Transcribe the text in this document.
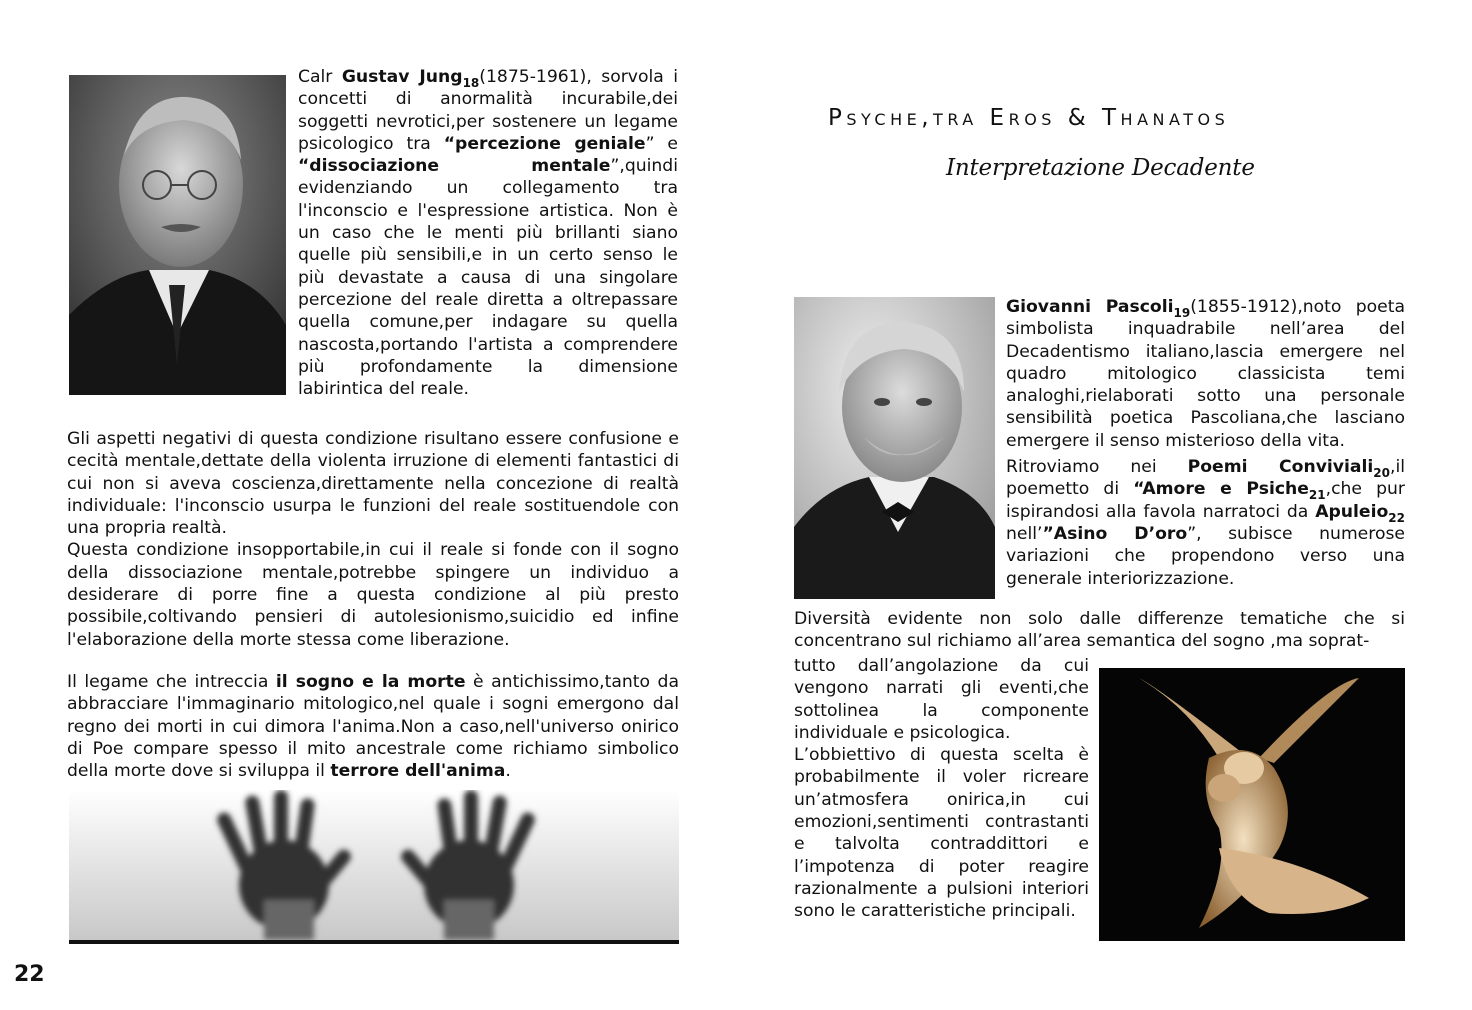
Calr Gustav Jung$_{18}$(1875-1961), sorvola i concetti di anormalità incurabile,dei soggetti nevrotici,per sostenere un legame psicologico tra “percezione geniale” e “dissociazione mentale”,quindi evidenziando un collegamento tra l'inconscio e l'espressione artistica. Non è un caso che le menti più brillanti siano quelle più sensibili,e in un certo senso le più devastate a causa di una singolare percezione del reale diretta a oltrepassare quella comune,per indagare su quella nascosta,portando l'artista a comprendere più profondamente la dimensione labirintica del reale.

Gli aspetti negativi di questa condizione risultano essere confusione e cecità mentale,dettate della violenta irruzione di elementi fantastici di cui non si aveva coscienza,direttamente nella concezione di realtà individuale: l'inconscio usurpa le funzioni del reale sostituendole con una propria realtà.

Questa condizione insopportabile,in cui il reale si fonde con il sogno della dissociazione mentale,potrebbe spingere un individuo a desiderare di porre fine a questa condizione al più presto possibile,coltivando pensieri di autolesionismo,suicidio ed infine l'elaborazione della morte stessa come liberazione.

Il legame che intreccia il sogno e la morte è antichissimo,tanto da abbracciare l'immaginario mitologico,nel quale i sogni emergono dal regno dei morti in cui dimora l'anima.Non a caso,nell'universo onirico di Poe compare spesso il mito ancestrale come richiamo simbolico della morte dove si sviluppa il terrore dell'anima.

22
Psyche,tra Eros & Thanatos
Interpretazione Decadente

Giovanni Pascoli$_{19}$(1855-1912),noto poeta simbolista inquadrabile nell’area del Decadentismo italiano,lascia emergere nel quadro mitologico classicista temi analoghi,rielaborati sotto una personale sensibilità poetica Pascoliana,che lasciano emergere il senso misterioso della vita.

Ritroviamo nei Poemi Conviviali$_{20}$,il poemetto di “Amore e Psiche$_{21}$,che pur ispirandosi alla favola narratoci da Apuleio$_{22}$ nell’”Asino D’oro”, subisce numerose variazioni che propendono verso una generale interiorizzazione.

Diversità evidente non solo dalle differenze tematiche che si concentrano sul richiamo all’area semantica del sogno ,ma soprat-

tutto dall’angolazione da cui vengono narrati gli eventi,che sottolinea la componente individuale e psicologica.

L’obbiettivo di questa scelta è probabilmente il voler ricreare un’atmosfera onirica,in cui emozioni,sentimenti contrastanti e talvolta contraddittori e l’impotenza di poter reagire razionalmente a pulsioni interiori sono le caratteristiche principali.
